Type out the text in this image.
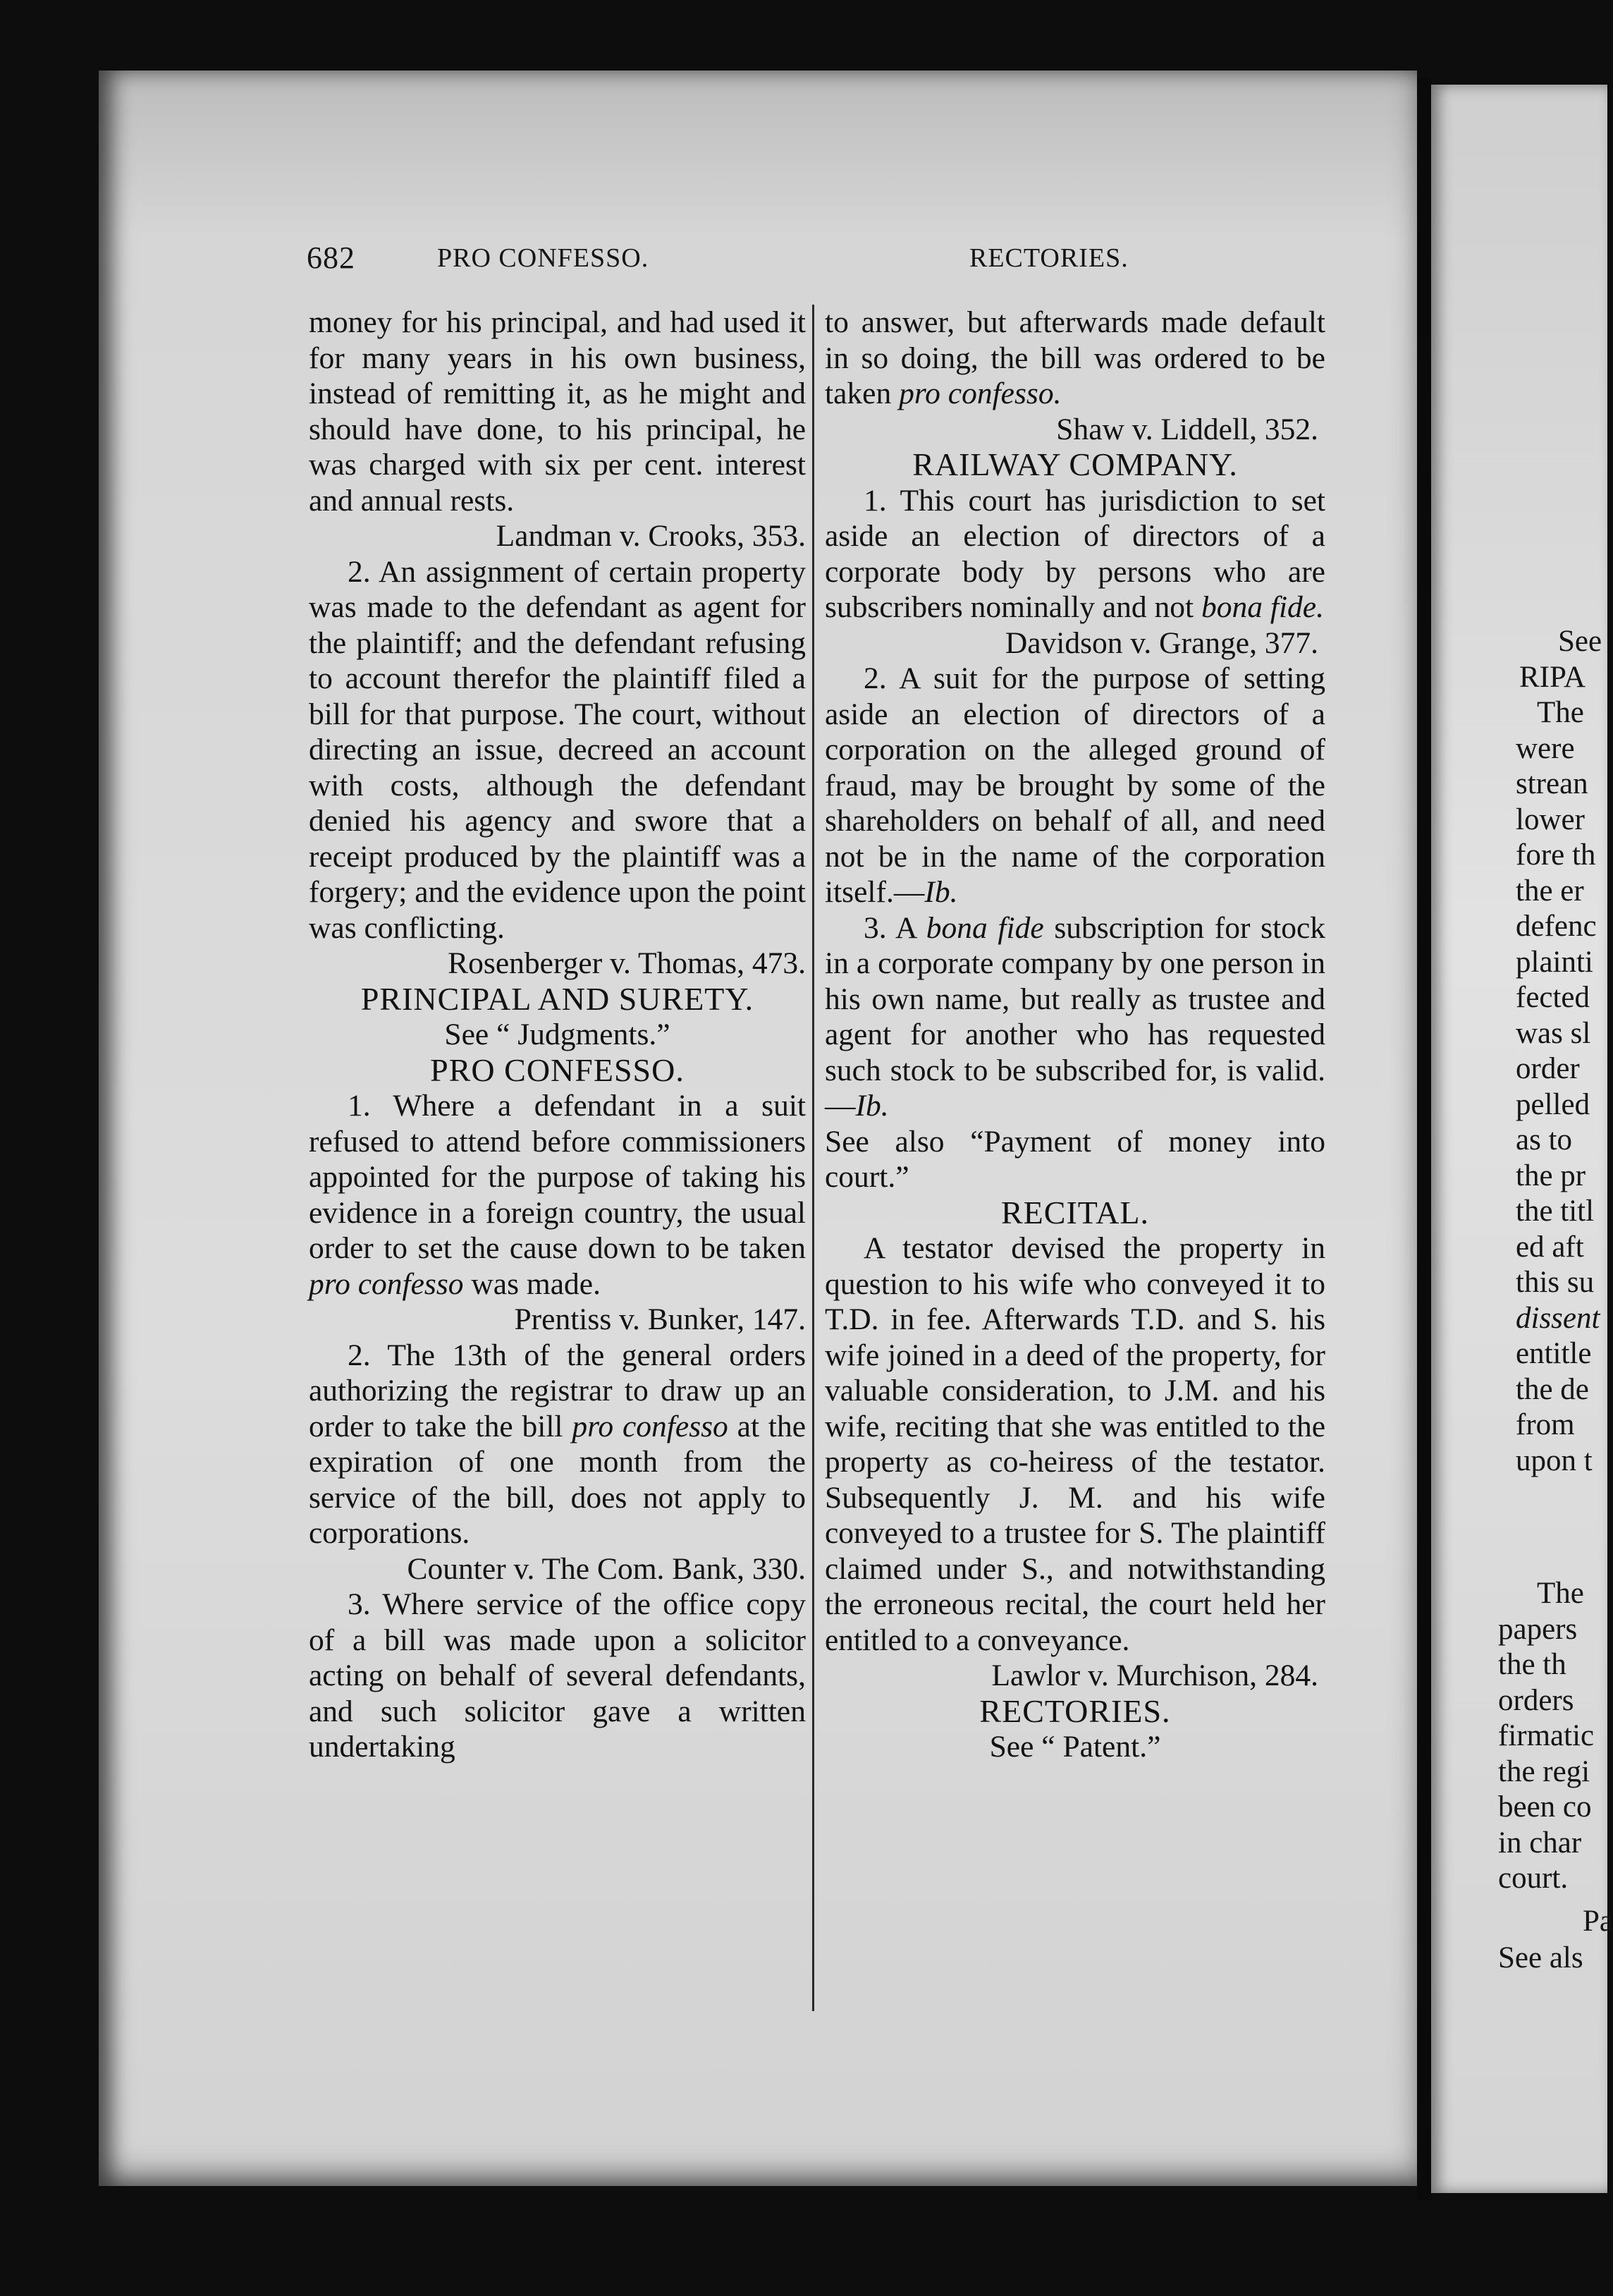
682	PRO CONFESSO.	RECTORIES.

money for his principal, and had used it for many years in his own business, instead of remitting it, as he might and should have done, to his principal, he was charged with six per cent. interest and annual rests.

Landman v. Crooks, 353.

2. An assignment of certain property was made to the defendant as agent for the plaintiff; and the defendant refusing to account therefor the plaintiff filed a bill for that purpose. The court, without directing an issue, decreed an account with costs, although the defendant denied his agency and swore that a receipt produced by the plaintiff was a forgery; and the evidence upon the point was conflicting.

Rosenberger v. Thomas, 473.

PRINCIPAL AND SURETY.

See “ Judgments.”

PRO CONFESSO.

1. Where a defendant in a suit refused to attend before commissioners appointed for the purpose of taking his evidence in a foreign country, the usual order to set the cause down to be taken pro confesso was made.

Prentiss v. Bunker, 147.

2. The 13th of the general orders authorizing the registrar to draw up an order to take the bill pro confesso at the expiration of one month from the service of the bill, does not apply to corporations.

Counter v. The Com. Bank, 330.

3. Where service of the office copy of a bill was made upon a solicitor acting on behalf of several defendants, and such solicitor gave a written undertaking

to answer, but afterwards made default in so doing, the bill was ordered to be taken pro confesso.

Shaw v. Liddell, 352.

RAILWAY COMPANY.

1. This court has jurisdiction to set aside an election of directors of a corporate body by persons who are subscribers nominally and not bona fide.

Davidson v. Grange, 377.

2. A suit for the purpose of setting aside an election of directors of a corporation on the alleged ground of fraud, may be brought by some of the shareholders on behalf of all, and need not be in the name of the corporation itself.—Ib.

3. A bona fide subscription for stock in a corporate company by one person in his own name, but really as trustee and agent for another who has requested such stock to be subscribed for, is valid.—Ib.

See also “Payment of money into court.”

RECITAL.

A testator devised the property in question to his wife who conveyed it to T.D. in fee. Afterwards T.D. and S. his wife joined in a deed of the property, for valuable consideration, to J.M. and his wife, reciting that she was entitled to the property as co-heiress of the testator. Subsequently J. M. and his wife conveyed to a trustee for S. The plaintiff claimed under S., and notwithstanding the erroneous recital, the court held her entitled to a conveyance.

Lawlor v. Murchison, 284.

RECTORIES.

See “ Patent.”

See
RIPA
The
were
strean
lower
fore th
the er
defenc
plainti
fected
was sl
order
pelled
as to
the pr
the titl
ed aft
this su
dissent
entitle
the de
from
upon t
The
papers
the th
orders
firmatic
the regi
been co
in char
court.
Pa
See als
